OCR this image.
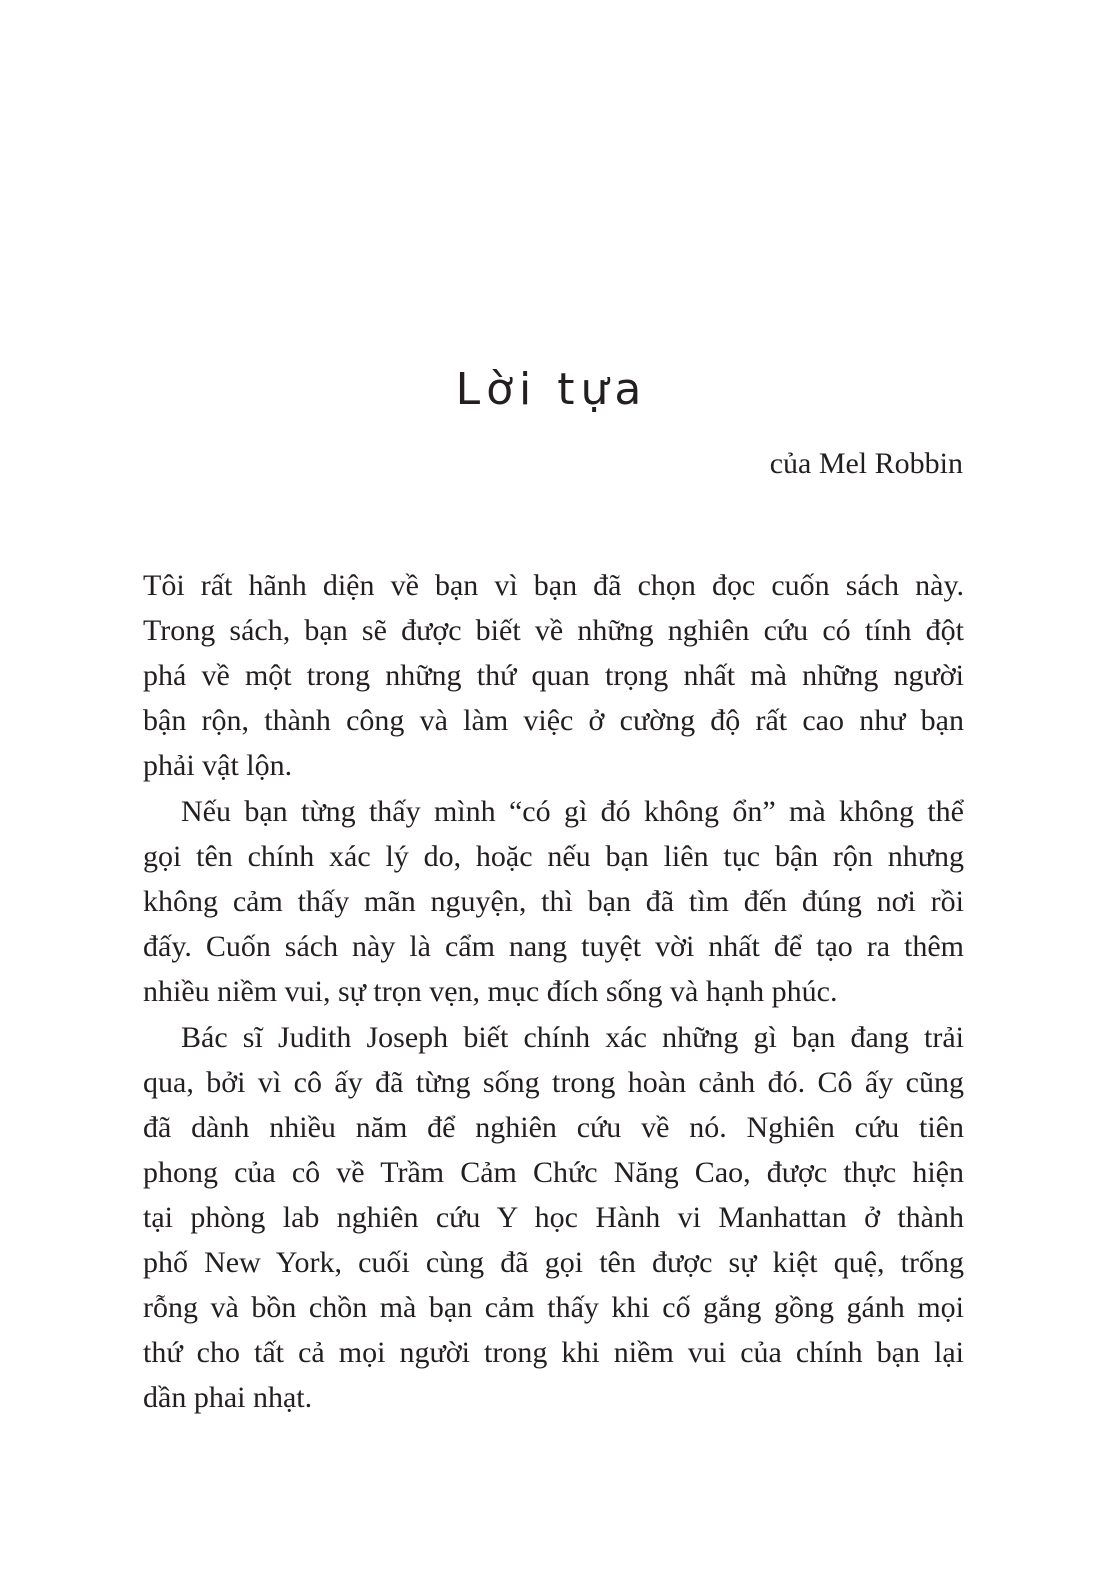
Lời tựa
của Mel Robbin

Tôi rất hãnh diện về bạn vì bạn đã chọn đọc cuốn sách này.
Trong sách, bạn sẽ được biết về những nghiên cứu có tính đột
phá về một trong những thứ quan trọng nhất mà những người
bận rộn, thành công và làm việc ở cường độ rất cao như bạn
phải vật lộn.

Nếu bạn từng thấy mình “có gì đó không ổn” mà không thể
gọi tên chính xác lý do, hoặc nếu bạn liên tục bận rộn nhưng
không cảm thấy mãn nguyện, thì bạn đã tìm đến đúng nơi rồi
đấy. Cuốn sách này là cẩm nang tuyệt vời nhất để tạo ra thêm
nhiều niềm vui, sự trọn vẹn, mục đích sống và hạnh phúc.

Bác sĩ Judith Joseph biết chính xác những gì bạn đang trải
qua, bởi vì cô ấy đã từng sống trong hoàn cảnh đó. Cô ấy cũng
đã dành nhiều năm để nghiên cứu về nó. Nghiên cứu tiên
phong của cô về Trầm Cảm Chức Năng Cao, được thực hiện
tại phòng lab nghiên cứu Y học Hành vi Manhattan ở thành
phố New York, cuối cùng đã gọi tên được sự kiệt quệ, trống
rỗng và bồn chồn mà bạn cảm thấy khi cố gắng gồng gánh mọi
thứ cho tất cả mọi người trong khi niềm vui của chính bạn lại
dần phai nhạt.
